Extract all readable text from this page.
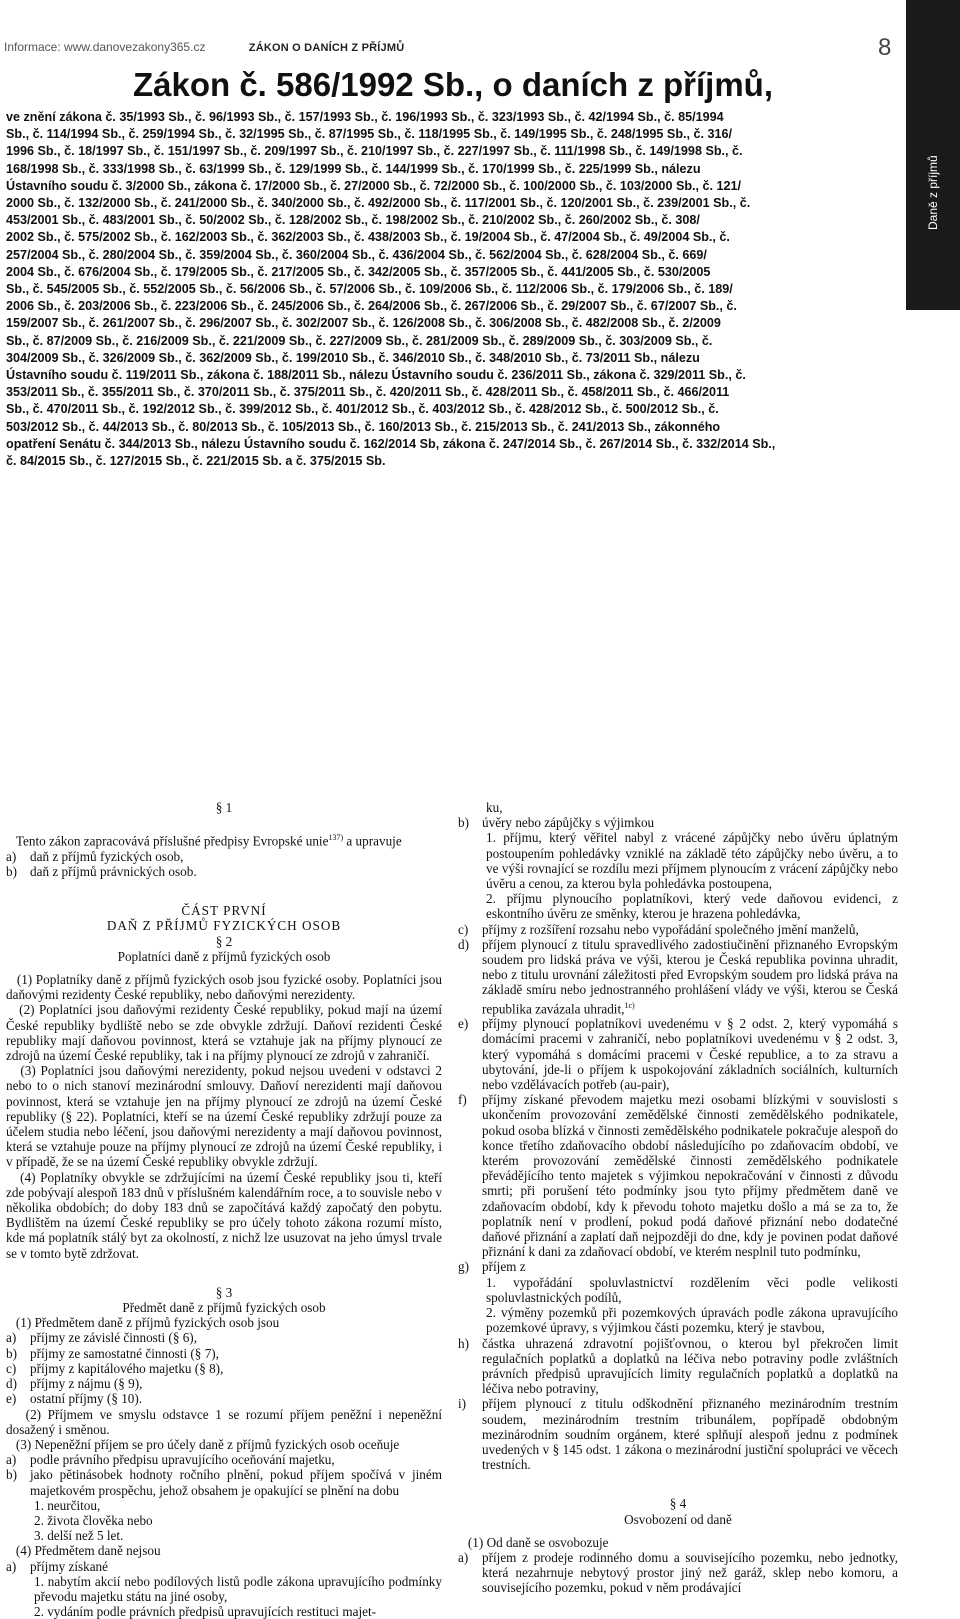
Informace: www.danovezakony365.cz	ZÁKON O DANÍCH Z PŘÍJMŮ	8
Daně z příjmů
Zákon č. 586/1992 Sb., o daních z příjmů,
ve znění zákona č. 35/1993 Sb., č. 96/1993 Sb., č. 157/1993 Sb., č. 196/1993 Sb., č. 323/1993 Sb., č. 42/1994 Sb., č. 85/1994
Sb., č. 114/1994 Sb., č. 259/1994 Sb., č. 32/1995 Sb., č. 87/1995 Sb., č. 118/1995 Sb., č. 149/1995 Sb., č. 248/1995 Sb., č. 316/
1996 Sb., č. 18/1997 Sb., č. 151/1997 Sb., č. 209/1997 Sb., č. 210/1997 Sb., č. 227/1997 Sb., č. 111/1998 Sb., č. 149/1998 Sb., č.
168/1998 Sb., č. 333/1998 Sb., č. 63/1999 Sb., č. 129/1999 Sb., č. 144/1999 Sb., č. 170/1999 Sb., č. 225/1999 Sb., nálezu
Ústavního soudu č. 3/2000 Sb., zákona č. 17/2000 Sb., č. 27/2000 Sb., č. 72/2000 Sb., č. 100/2000 Sb., č. 103/2000 Sb., č. 121/
2000 Sb., č. 132/2000 Sb., č. 241/2000 Sb., č. 340/2000 Sb., č. 492/2000 Sb., č. 117/2001 Sb., č. 120/2001 Sb., č. 239/2001 Sb., č.
453/2001 Sb., č. 483/2001 Sb., č. 50/2002 Sb., č. 128/2002 Sb., č. 198/2002 Sb., č. 210/2002 Sb., č. 260/2002 Sb., č. 308/
2002 Sb., č. 575/2002 Sb., č. 162/2003 Sb., č. 362/2003 Sb., č. 438/2003 Sb., č. 19/2004 Sb., č. 47/2004 Sb., č. 49/2004 Sb., č.
257/2004 Sb., č. 280/2004 Sb., č. 359/2004 Sb., č. 360/2004 Sb., č. 436/2004 Sb., č. 562/2004 Sb., č. 628/2004 Sb., č. 669/
2004 Sb., č. 676/2004 Sb., č. 179/2005 Sb., č. 217/2005 Sb., č. 342/2005 Sb., č. 357/2005 Sb., č. 441/2005 Sb., č. 530/2005
Sb., č. 545/2005 Sb., č. 552/2005 Sb., č. 56/2006 Sb., č. 57/2006 Sb., č. 109/2006 Sb., č. 112/2006 Sb., č. 179/2006 Sb., č. 189/
2006 Sb., č. 203/2006 Sb., č. 223/2006 Sb., č. 245/2006 Sb., č. 264/2006 Sb., č. 267/2006 Sb., č. 29/2007 Sb., č. 67/2007 Sb., č.
159/2007 Sb., č. 261/2007 Sb., č. 296/2007 Sb., č. 302/2007 Sb., č. 126/2008 Sb., č. 306/2008 Sb., č. 482/2008 Sb., č. 2/2009
Sb., č. 87/2009 Sb., č. 216/2009 Sb., č. 221/2009 Sb., č. 227/2009 Sb., č. 281/2009 Sb., č. 289/2009 Sb., č. 303/2009 Sb., č.
304/2009 Sb., č. 326/2009 Sb., č. 362/2009 Sb., č. 199/2010 Sb., č. 346/2010 Sb., č. 348/2010 Sb., č. 73/2011 Sb., nálezu
Ústavního soudu č. 119/2011 Sb., zákona č. 188/2011 Sb., nálezu Ústavního soudu č. 236/2011 Sb., zákona č. 329/2011 Sb., č.
353/2011 Sb., č. 355/2011 Sb., č. 370/2011 Sb., č. 375/2011 Sb., č. 420/2011 Sb., č. 428/2011 Sb., č. 458/2011 Sb., č. 466/2011
Sb., č. 470/2011 Sb., č. 192/2012 Sb., č. 399/2012 Sb., č. 401/2012 Sb., č. 403/2012 Sb., č. 428/2012 Sb., č. 500/2012 Sb., č.
503/2012 Sb., č. 44/2013 Sb., č. 80/2013 Sb., č. 105/2013 Sb., č. 160/2013 Sb., č. 215/2013 Sb., č. 241/2013 Sb., zákonného
opatření Senátu č. 344/2013 Sb., nálezu Ústavního soudu č. 162/2014 Sb, zákona č. 247/2014 Sb., č. 267/2014 Sb., č. 332/2014 Sb.,
č. 84/2015 Sb., č. 127/2015 Sb., č. 221/2015 Sb. a č. 375/2015 Sb.

§ 1

Tento zákon zapracovává příslušné předpisy Evropské unie$^{137)}$ a upravuje

a)	daň z příjmů fyzických osob,
b) daň z příjmů právnických osob.

ČÁST PRVNÍ

DAŇ Z PŘÍJMŮ FYZICKÝCH OSOB

§ 2

Poplatníci daně z příjmů fyzických osob

(1) Poplatníky daně z příjmů fyzických osob jsou fyzické osoby. Poplatníci jsou daňovými rezidenty České republiky, nebo daňovými nerezidenty.

(2) Poplatníci jsou daňovými rezidenty České republiky, pokud mají na území České republiky bydliště nebo se zde obvykle zdržují. Daňoví rezidenti České republiky mají daňovou povinnost, která se vztahuje jak na příjmy plynoucí ze zdrojů na území České republiky, tak i na příjmy plynoucí ze zdrojů v zahraničí.

(3) Poplatníci jsou daňovými nerezidenty, pokud nejsou uvedeni v odstavci 2 nebo to o nich stanoví mezinárodní smlouvy. Daňoví nerezidenti mají daňovou povinnost, která se vztahuje jen na příjmy plynoucí ze zdrojů na území České republiky (§ 22). Poplatníci, kteří se na území České republiky zdržují pouze za účelem studia nebo léčení, jsou daňovými nerezidenty a mají daňovou povinnost, která se vztahuje pouze na příjmy plynoucí ze zdrojů na území České republiky, i v případě, že se na území České republiky obvykle zdržují.

(4) Poplatníky obvykle se zdržujícími na území České republiky jsou ti, kteří zde pobývají alespoň 183 dnů v příslušném kalendářním roce, a to souvisle nebo v několika obdobích; do doby 183 dnů se započítává každý započatý den pobytu. Bydlištěm na území České republiky se pro účely tohoto zákona rozumí místo, kde má poplatník stálý byt za okolností, z nichž lze usuzovat na jeho úmysl trvale se v tomto bytě zdržovat.

§ 3

Předmět daně z příjmů fyzických osob

(1) Předmětem daně z příjmů fyzických osob jsou

a)	příjmy ze závislé činnosti (§ 6),
b) příjmy ze samostatné činnosti (§ 7),
c)	příjmy z kapitálového majetku (§ 8),
d) příjmy z nájmu (§ 9),
e)	ostatní příjmy (§ 10).

(2) Příjmem ve smyslu odstavce 1 se rozumí příjem peněžní i nepeněžní dosažený i směnou.

(3) Nepeněžní příjem se pro účely daně z příjmů fyzických osob oceňuje

a)	podle právního předpisu upravujícího oceňování majetku,
b) jako pětinásobek hodnoty ročního plnění, pokud příjem spočívá v jiném majetkovém prospěchu, jehož obsahem je opakující se plnění na dobu

1. neurčitou,

2. života člověka nebo

3. delší než 5 let.

(4) Předmětem daně nejsou

a)	příjmy získané

1. nabytím akcií nebo podílových listů podle zákona upravujícího podmínky převodu majetku státu na jiné osoby,

2. vydáním podle právních předpisů upravujících restituci majet-

ku,

b) úvěry nebo zápůjčky s výjimkou

1. příjmu, který věřitel nabyl z vrácené zápůjčky nebo úvěru úplatným postoupením pohledávky vzniklé na základě této zápůjčky nebo úvěru, a to ve výši rovnající se rozdílu mezi příjmem plynoucím z vrácení zápůjčky nebo úvěru a cenou, za kterou byla pohledávka postoupena,

2. příjmu plynoucího poplatníkovi, který vede daňovou evidenci, z eskontního úvěru ze směnky, kterou je hrazena pohledávka,

c)	příjmy z rozšíření rozsahu nebo vypořádání společného jmění manželů,
d) příjem plynoucí z titulu spravedlivého zadostiučinění přiznaného Evropským soudem pro lidská práva ve výši, kterou je Česká republika povinna uhradit, nebo z titulu urovnání záležitosti před Evropským soudem pro lidská práva na základě smíru nebo jednostranného prohlášení vlády ve výši, kterou se Česká republika zavázala uhradit,$^{1c)}$
e)	příjmy plynoucí poplatníkovi uvedenému v § 2 odst. 2, který vypomáhá s domácími pracemi v zahraničí, nebo poplatníkovi uvedenému v § 2 odst. 3, který vypomáhá s domácími pracemi v České republice, a to za stravu a ubytování, jde-li o příjem k uspokojování základních sociálních, kulturních nebo vzdělávacích potřeb (au-pair),
f)	příjmy získané převodem majetku mezi osobami blízkými v souvislosti s ukončením provozování zemědělské činnosti zemědělského podnikatele, pokud osoba blízká v činnosti zemědělského podnikatele pokračuje alespoň do konce třetího zdaňovacího období následujícího po zdaňovacím období, ve kterém provozování zemědělské činnosti zemědělského podnikatele převádějícího tento majetek s výjimkou nepokračování v činnosti z důvodu smrti; při porušení této podmínky jsou tyto příjmy předmětem daně ve zdaňovacím období, kdy k převodu tohoto majetku došlo a má se za to, že poplatník není v prodlení, pokud podá daňové přiznání nebo dodatečné daňové přiznání a zaplatí daň nejpozději do dne, kdy je povinen podat daňové přiznání k dani za zdaňovací období, ve kterém nesplnil tuto podmínku,
g) příjem z

1. vypořádání spoluvlastnictví rozdělením věci podle velikosti spoluvlastnických podílů,

2. výměny pozemků při pozemkových úpravách podle zákona upravujícího pozemkové úpravy, s výjimkou části pozemku, který je stavbou,

h) částka uhrazená zdravotní pojišťovnou, o kterou byl překročen limit regulačních poplatků a doplatků na léčiva nebo potraviny podle zvláštních právních předpisů upravujících limity regulačních poplatků a doplatků na léčiva nebo potraviny,
i)	příjem plynoucí z titulu odškodnění přiznaného mezinárodním trestním soudem, mezinárodním trestním tribunálem, popřípadě obdobným mezinárodním soudním orgánem, které splňují alespoň jednu z podmínek uvedených v § 145 odst. 1 zákona o mezinárodní justiční spolupráci ve věcech trestních.

§ 4

Osvobození od daně

(1) Od daně se osvobozuje

a)	příjem z prodeje rodinného domu a souvisejícího pozemku, nebo jednotky, která nezahrnuje nebytový prostor jiný než garáž, sklep nebo komoru, a souvisejícího pozemku, pokud v něm prodávající
